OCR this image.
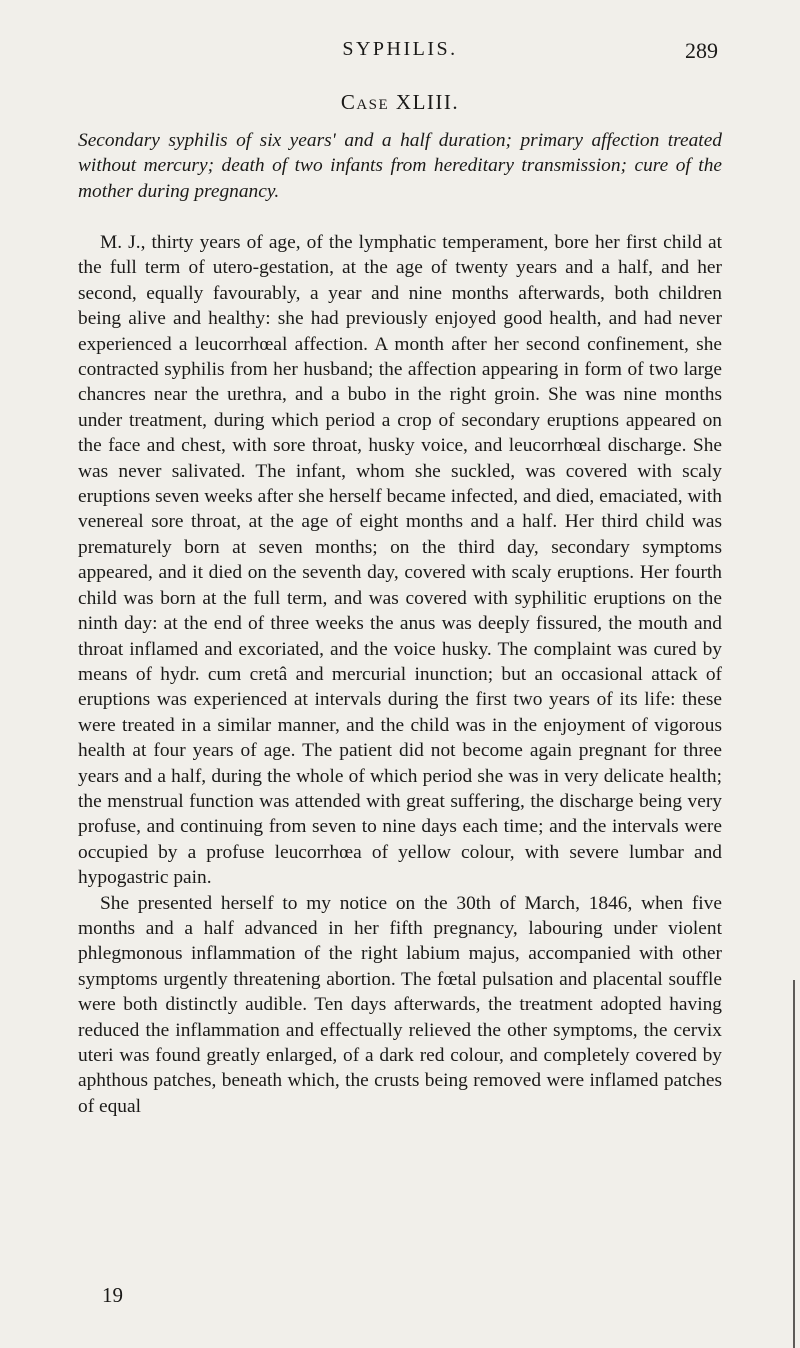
SYPHILIS.	289
Case XLIII.
Secondary syphilis of six years' and a half duration; primary affection treated without mercury; death of two infants from hereditary transmission; cure of the mother during pregnancy.

M. J., thirty years of age, of the lymphatic temperament, bore her first child at the full term of utero-gestation, at the age of twenty years and a half, and her second, equally favourably, a year and nine months afterwards, both children being alive and healthy: she had previously enjoyed good health, and had never experienced a leucorrhœal affection. A month after her second confinement, she contracted syphilis from her husband; the affection appearing in form of two large chancres near the urethra, and a bubo in the right groin. She was nine months under treatment, during which period a crop of secondary eruptions appeared on the face and chest, with sore throat, husky voice, and leucorrhœal discharge. She was never salivated. The infant, whom she suckled, was covered with scaly eruptions seven weeks after she herself became infected, and died, emaciated, with venereal sore throat, at the age of eight months and a half. Her third child was prematurely born at seven months; on the third day, secondary symptoms appeared, and it died on the seventh day, covered with scaly eruptions. Her fourth child was born at the full term, and was covered with syphilitic eruptions on the ninth day: at the end of three weeks the anus was deeply fissured, the mouth and throat inflamed and excoriated, and the voice husky. The complaint was cured by means of hydr. cum cretâ and mercurial inunction; but an occasional attack of eruptions was experienced at intervals during the first two years of its life: these were treated in a similar manner, and the child was in the enjoyment of vigorous health at four years of age. The patient did not become again pregnant for three years and a half, during the whole of which period she was in very delicate health; the menstrual function was attended with great suffering, the discharge being very profuse, and continuing from seven to nine days each time; and the intervals were occupied by a profuse leucorrhœa of yellow colour, with severe lumbar and hypogastric pain.

She presented herself to my notice on the 30th of March, 1846, when five months and a half advanced in her fifth pregnancy, labouring under violent phlegmonous inflammation of the right labium majus, accompanied with other symptoms urgently threatening abortion. The fœtal pulsation and placental souffle were both distinctly audible. Ten days afterwards, the treatment adopted having reduced the inflammation and effectually relieved the other symptoms, the cervix uteri was found greatly enlarged, of a dark red colour, and completely covered by aphthous patches, beneath which, the crusts being removed were inflamed patches of equal

19
